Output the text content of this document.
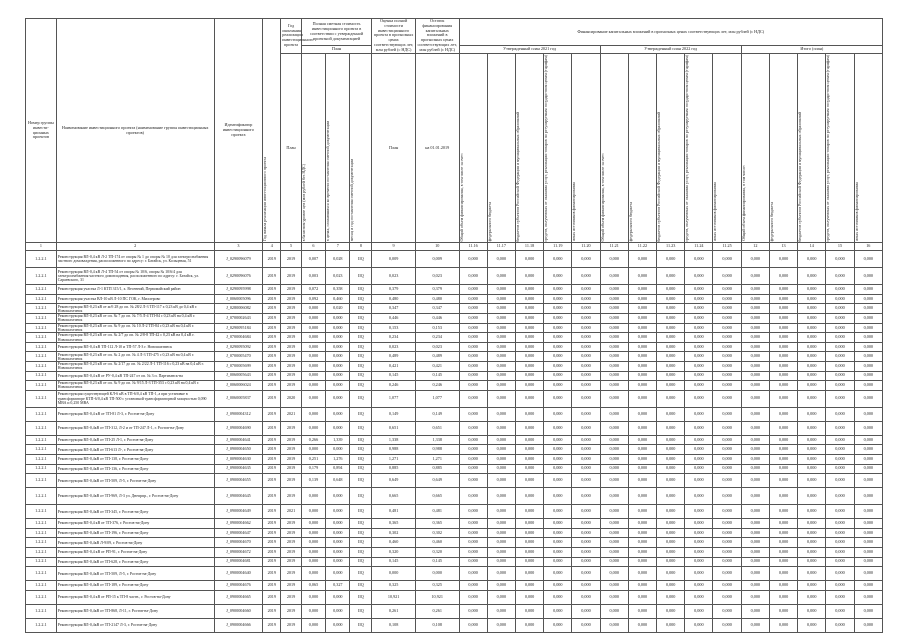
Номер группы инвести-ционных проектов	Наименование инвестиционного проекта (наименование группы инвестиционных проектов)	Идентификатор инвестиционного проекта	Год начала реализации инвестиционного проекта	Год окончания реализации инвестиционного проекта	Полная сметная стоимость инвестиционного проекта в соответствии с утвержденной проектной документацией			Оценка полной стоимости инвестиционного проекта в прогнозных ценах соответствующих лет, млн рублей (с НДС)	Остаток финансирования капитальных вложений в прогнозных ценах соответствующих лет, млн рублей (с НДС)	Финансирование капитальных вложений в прогнозных ценах соответствующих лет, млн рублей (с НДС)														
					План					Утвержденный план 2021 год					Утвержденный план 2022 год					Итого (план)				
				План	в базисном уровне цен (млн рублей без НДС)	в ценах, сложившихся ко времени составления сметной документации	месяц и год составления сметной документации	План	на 01.01.2019	Общий объем финансирования, в том числе за счет:	федерального бюджета	бюджетов субъектов Российской Федерации и муниципальных образований	средств, полученных от оказания услуг, реализации товаров по регулируемым государством ценам (тарифам)	иных источников финансирования	Общий объем финансирования, в том числе за счет:	федерального бюджета	бюджетов субъектов Российской Федерации и муниципальных образований	средств, полученных от оказания услуг, реализации товаров по регулируемым государством ценам (тарифам)	иных источников финансирования	Общий объем финансирования, в том числе:	федерального бюджета	бюджетов субъектов Российской Федерации и муниципальных образований	средств, полученных от оказания услуг, реализации товаров по регулируемым государством ценам (тарифам)	иных источников финансирования

1	2	3	4	5	6	7	8	9	10	11.16	11.17	11.18	11.19	11.20	11.21	11.22	11.23	11.24	11.25	12	13	14	15	16
1.2.2.1	Реконструкция ВЛ-0,4 кВ Л-2 ТП-174 от опоры № 1 до опоры № 10 для электроснабжения частного домовладения, расположенного по адресу: г. Батайск, ул. Кольцевая, 51	J_0290096079	2019	2019	0,007	0,028	IIQ	0,009	0,009	0,000	0,000	0,000	0,000	0,000	0,000	0,000	0,000	0,000	0,000	0,000	0,000	0,000	0,000	0,000
1.2.2.1	Реконструкция ВЛ-0,4 кВ Л-4 ТП-54 от опоры № 10/6, опоры № 10/6/4 для электроснабжения частного домовладения, расположенного по адресу: г. Батайск, ул. Сараевского, 31	J_0290096076	2019	2019	0,003	0,023	IIQ	0,023	0,023	0,000	0,000	0,000	0,000	0,000	0,000	0,000	0,000	0,000	0,000	0,000	0,000	0,000	0,000	0,000
1.2.2.1	Реконструкция участка Л-1 КТП 315/1, х. Весенний, Первомайский район	J_0290095998	2019	2019	0,072	0,358	IIQ	0,379	0,379	0,000	0,000	0,000	0,000	0,000	0,000	0,000	0,000	0,000	0,000	0,000	0,000	0,000	0,000	0,000
1.2.2.1	Реконструкция участка ВЛ-10 кВ Л-10 ПС ГОК, г. Миллерово	J_0060005096	2019	2019	0,092	0,460	IIQ	0,480	0,480	0,000	0,000	0,000	0,000	0,000	0,000	0,000	0,000	0,000	0,000	0,000	0,000	0,000	0,000	0,000
1.2.2.1	Реконструкция ВЛ-0,23 кВ от ж/б 28 до оп. № 28/2 Л-3 ТП-117 х 0,23 кВ до 0,4 кВ г. Новошахтинск	J_0280006082	2019	2019	0,000	0,020	IIQ	0,347	0,347	0,000	0,000	0,000	0,000	0,000	0,000	0,000	0,000	0,000	0,000	0,000	0,000	0,000	0,000	0,000
1.2.2.1	Реконструкция ВЛ-0,23 кВ от оп. № 7 до оп. № 7/5 Л-4 ТП-84 с 0,23 кВ на 0,4 кВ г. Новошахтинск	J_0700002643	2019	2019	0,000	0,000	IIQ	0,446	0,446	0,000	0,000	0,000	0,000	0,000	0,000	0,000	0,000	0,000	0,000	0,000	0,000	0,000	0,000	0,000
1.2.2.1	Реконструкция ВЛ-0,23 кВ от оп. № 9 до оп. № 10 Л-2 ТП-84 с 0,23 кВ на 0,4 кВ г. Новошахтинск	J_0290095184	2019	2019	0,000	0,000	IIQ	0,153	0,153	0,000	0,000	0,000	0,000	0,000	0,000	0,000	0,000	0,000	0,000	0,000	0,000	0,000	0,000	0,000
1.2.2.1	Реконструкция ВЛ-0,23 кВ от оп. № 2/7 до оп. № 2/8-8 ТП-42 с 0,23 кВ на 0,4 кВ г. Новошахтинск	J_0700004684	2019	2019	0,000	0,000	IIQ	0,234	0,234	0,000	0,000	0,000	0,000	0,000	0,000	0,000	0,000	0,000	0,000	0,000	0,000	0,000	0,000	0,000
1.2.2.1	Реконструкция ВЛ-0,4 кВ ТП-112 Л-10 и ТП-57 Л-3 г. Новошахтинск	J_0290095092	2019	2019	0,000	0,000	IIQ	0,023	0,023	0,000	0,000	0,000	0,000	0,000	0,000	0,000	0,000	0,000	0,000	0,000	0,000	0,000	0,000	0,000
1.2.2.1	Реконструкция ВЛ-0,23 кВ от оп. № 2 до оп. № 4 Л-3 ТП-475 с 0,23 кВ на 0,4 кВ г. Новошахтинск	J_0700005470	2019	2019	0,000	0,000	IIQ	0,489	0,489	0,000	0,000	0,000	0,000	0,000	0,000	0,000	0,000	0,000	0,000	0,000	0,000	0,000	0,000	0,000
1.2.2.1	Реконструкция ВЛ-0,23 кВ от оп. № 2/17 до оп. № 2/22 Л-1 ТП-116 с 0,23 кВ на 0,4 кВ г. Новошахтинск	J_0700005699	2019	2019	0,000	0,000	IIQ	0,421	0,421	0,000	0,000	0,000	0,000	0,000	0,000	0,000	0,000	0,000	0,000	0,000	0,000	0,000	0,000	0,000
1.2.2.1	Реконструкция ВЛ-0,4 кВ от РУ-0,4 кВ ТП-247 от оп. № 3 п. Партизанск-на	J_0060005643	2019	2019	0,000	0,000	IIQ	0,145	0,145	0,000	0,000	0,000	0,000	0,000	0,000	0,000	0,000	0,000	0,000	0,000	0,000	0,000	0,000	0,000
1.2.2.1	Реконструкция ВЛ-0,23 кВ от оп. № 9 до оп. № 9/15 Л-3 ТП-353 с 0,23 кВ на 0,4 кВ г. Новошахтинск	J_0060006024	2019	2019	0,000	0,000	IIQ	0,246	0,246	0,000	0,000	0,000	0,000	0,000	0,000	0,000	0,000	0,000	0,000	0,000	0,000	0,000	0,000	0,000
1.2.2.1	Реконструкция существующей КЛ-6 кВ в ТП-6/0,4 кВ ТП-1, а при установке в трансформаторе КТП-6/0,4 кВ ТП-500 с установкой трансформаторной мощностью 0,090 МВА и 0,250 МВА	J_0060005837	2019	2020	0,000	0,000	IIQ	1,077	1,077	0,000	0,000	0,000	0,000	0,000	0,000	0,000	0,000	0,000	0,000	0,000	0,000	0,000	0,000	0,000
1.2.2.1	Реконструкция ВЛ-0,4 кВ от ТП-81 Л-3, г. Ростов-на-Дону	J_0900004312	2019	2021	0,000	0,000	IIQ	0,149	0,149	0,000	0,000	0,000	0,000	0,000	0,000	0,000	0,000	0,000	0,000	0,000	0,000	0,000	0,000	0,000
1.2.2.1	Реконструкция ВЛ-0,4кВ от ТП-312, Л-2 и от ТП-247 Л-1, г. Ростов-на-Дону	J_0900004690	2019	2019	0,000	0,000	IIQ	0,651	0,651	0,000	0,000	0,000	0,000	0,000	0,000	0,000	0,000	0,000	0,000	0,000	0,000	0,000	0,000	0,000
1.2.2.1	Реконструкция ВЛ-0,4кВ от ТП-25 Л-1, г. Ростов-на-Дону	J_0900004641	2019	2019	0,266	1,339	IIQ	1,338	1,338	0,000	0,000	0,000	0,000	0,000	0,000	0,000	0,000	0,000	0,000	0,000	0,000	0,000	0,000	0,000
1.2.2.1	Реконструкция ВЛ-0,4кВ от ТП-613 Л-, г. Ростов-на-Дону	J_0900004650	2019	2019	0,000	0,000	IIQ	0,988	0,988	0,000	0,000	0,000	0,000	0,000	0,000	0,000	0,000	0,000	0,000	0,000	0,000	0,000	0,000	0,000
1.2.2.1	Реконструкция ВЛ-0,4кВ от ТП-138, г. Ростов-на-Дону	J_0090004630	2019	2019	0,251	1,276	IIQ	1,271	1,271	0,000	0,000	0,000	0,000	0,000	0,000	0,000	0,000	0,000	0,000	0,000	0,000	0,000	0,000	0,000
1.2.2.1	Реконструкция ВЛ-0,4кВ от ТП-136, г. Ростов-на-Дону	J_0900004635	2019	2019	0,179	0,894	IIQ	0,885	0,885	0,000	0,000	0,000	0,000	0,000	0,000	0,000	0,000	0,000	0,000	0,000	0,000	0,000	0,000	0,000
1.2.2.1	Реконструкция ВЛ-0,4кВ от ТП-509, Л-5, г. Ростов-на-Дону	J_0900004655	2019	2019	0,139	0,648	IIQ	0,649	0,649	0,000	0,000	0,000	0,000	0,000	0,000	0,000	0,000	0,000	0,000	0,000	0,000	0,000	0,000	0,000
1.2.2.1	Реконструкция ВЛ-0,4кВ от ТП-969, Л-3 ул. Днепрпр., г. Ростов-на-Дону	J_0900004645	2019	2019	0,000	0,000	IIQ	0,665	0,665	0,000	0,000	0,000	0,000	0,000	0,000	0,000	0,000	0,000	0,000	0,000	0,000	0,000	0,000	0,000
1.2.2.1	Реконструкция ВЛ-0,4кВ от ТП-345, г. Ростов-на-Дону	J_0900004649	2019	2021	0,000	0,000	IIQ	0,481	0,481	0,000	0,000	0,000	0,000	0,000	0,000	0,000	0,000	0,000	0,000	0,000	0,000	0,000	0,000	0,000
1.2.2.1	Реконструкция ВЛ-0,4 кВ от ТП-376, г. Ростов-на-Дону	J_0900004662	2019	2019	0,000	0,000	IIQ	0,365	0,365	0,000	0,000	0,000	0,000	0,000	0,000	0,000	0,000	0,000	0,000	0,000	0,000	0,000	0,000	0,000
1.2.2.1	Реконструкция ВЛ-0,4кВ от ТП-196, г. Ростов-на-Дону	J_0900004647	2019	2019	0,000	0,000	IIQ	0,302	0,302	0,000	0,000	0,000	0,000	0,000	0,000	0,000	0,000	0,000	0,000	0,000	0,000	0,000	0,000	0,000
1.2.2.1	Реконструкция ВЛ-0,4кВ Л-9/09, г. Ростов-на-Дону	J_0900004670	2019	2019	0,000	0,000	IIQ	0,460	0,460	0,000	0,000	0,000	0,000	0,000	0,000	0,000	0,000	0,000	0,000	0,000	0,000	0,000	0,000	0,000
1.2.2.1	Реконструкция ВЛ-0,4 кВ от РП-91, г. Ростов-на-Дону	J_0900004672	2019	2019	0,000	0,000	IIQ	0,320	0,320	0,000	0,000	0,000	0,000	0,000	0,000	0,000	0,000	0,000	0,000	0,000	0,000	0,000	0,000	0,000
1.2.2.1	Реконструкция ВЛ-0,4кВ от ТП-628, г. Ростов-на-Дону	J_0900004681	2019	2019	0,000	0,000	IIQ	0,145	0,145	0,000	0,000	0,000	0,000	0,000	0,000	0,000	0,000	0,000	0,000	0,000	0,000	0,000	0,000	0,000
1.2.2.1	Реконструкция ВЛ-0,4кВ от ТП-509, Л-5, г. Ростов-на-Дону	J_0900004640	2019	2019	0,000	0,000	IIQ	0,000	0,000	0,000	0,000	0,000	0,000	0,000	0,000	0,000	0,000	0,000	0,000	0,000	0,000	0,000	0,000	0,000
1.2.2.1	Реконструкция ВЛ-0,4кВ от ТП-189, г. Ростов-на-Дону	J_0900004676	2019	2019	0,065	0,327	IIQ	0,325	0,325	0,000	0,000	0,000	0,000	0,000	0,000	0,000	0,000	0,000	0,000	0,000	0,000	0,000	0,000	0,000
1.2.2.1	Реконструкция ВЛ-0,4 кВ от РП-15 к ТП-8 частн., г. Ростов-на-Дону	J_0900004665	2019	2019	0,000	0,000	IIQ	10,921	10,921	0,000	0,000	0,000	0,000	0,000	0,000	0,000	0,000	0,000	0,000	0,000	0,000	0,000	0,000	0,000
1.2.2.1	Реконструкция ВЛ-0,4кВ от ТП-868, Л-11, г. Ростов-на-Дону	J_0900004660	2019	2019	0,000	0,000	IIQ	0,261	0,261	0,000	0,000	0,000	0,000	0,000	0,000	0,000	0,000	0,000	0,000	0,000	0,000	0,000	0,000	0,000
1.2.2.1	Реконструкция ВЛ-0,4кВ от ТП-2147 Л-3, г. Ростов-на-Дону	J_0900004666	2019	2019	0,000	0,000	IIQ	0,108	0,108	0,000	0,000	0,000	0,000	0,000	0,000	0,000	0,000	0,000	0,000	0,000	0,000	0,000	0,000	0,000
